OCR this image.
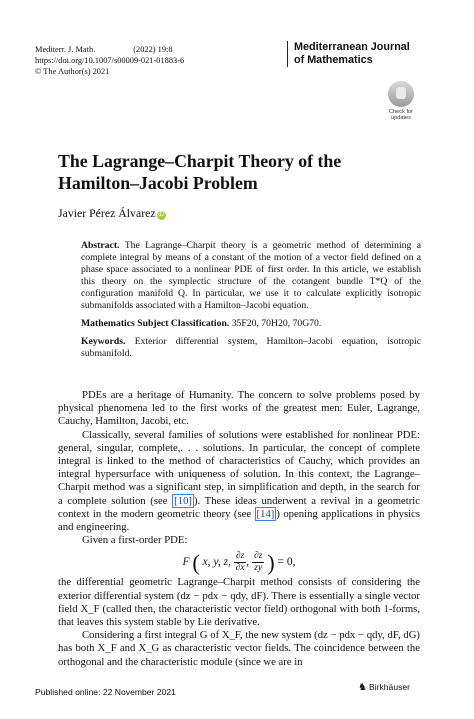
Mediterr. J. Math.	(2022) 19:8
https://doi.org/10.1007/s00009-021-01883-6
© The Author(s) 2021
Mediterranean Journal
of Mathematics
Check for
updates
The Lagrange–Charpit Theory of the
Hamilton–Jacobi Problem
Javier Pérez Álvarez iD

Abstract. The Lagrange–Charpit theory is a geometric method of determining a complete integral by means of a constant of the motion of a vector field defined on a phase space associated to a nonlinear PDE of first order. In this article, we establish this theory on the symplectic structure of the cotangent bundle T*Q of the configuration manifold Q. In particular, we use it to calculate explicitly isotropic submanifolds associated with a Hamilton–Jacobi equation.

Mathematics Subject Classification. 35F20, 70H20, 70G70.

Keywords. Exterior differential system, Hamilton–Jacobi equation, isotropic submanifold.

PDEs are a heritage of Humanity. The concern to solve problems posed by physical phenomena led to the first works of the greatest men: Euler, Lagrange, Cauchy, Hamilton, Jacobi, etc.

Classically, several families of solutions were established for nonlinear PDE: general, singular, complete,. . . solutions. In particular, the concept of complete integral is linked to the method of characteristics of Cauchy, which provides an integral hypersurface with uniqueness of solution. In this context, the Lagrange–Charpit method was a significant step, in simplification and depth, in the search for a complete solution (see [10] ). These ideas underwent a revival in a geometric context in the modern geometric theory (see [14] ) opening applications in physics and engineering.

Given a first-order PDE:

F ( x, y, z, $\frac{\partial z}{\partial x}$, $\frac{\partial z}{zy}$ ) = 0,

the differential geometric Lagrange–Charpit method consists of considering the exterior differential system (dz − pdx − qdy, dF). There is essentially a single vector field X_F (called then, the characteristic vector field) orthogonal with both 1-forms, that leaves this system stable by Lie derivative.

Considering a first integral G of X_F, the new system (dz − pdx − qdy, dF, dG) has both X_F and X_G as characteristic vector fields. The coincidence between the orthogonal and the characteristic module (since we are in

Published online: 22 November 2021	♞ Birkhäuser
